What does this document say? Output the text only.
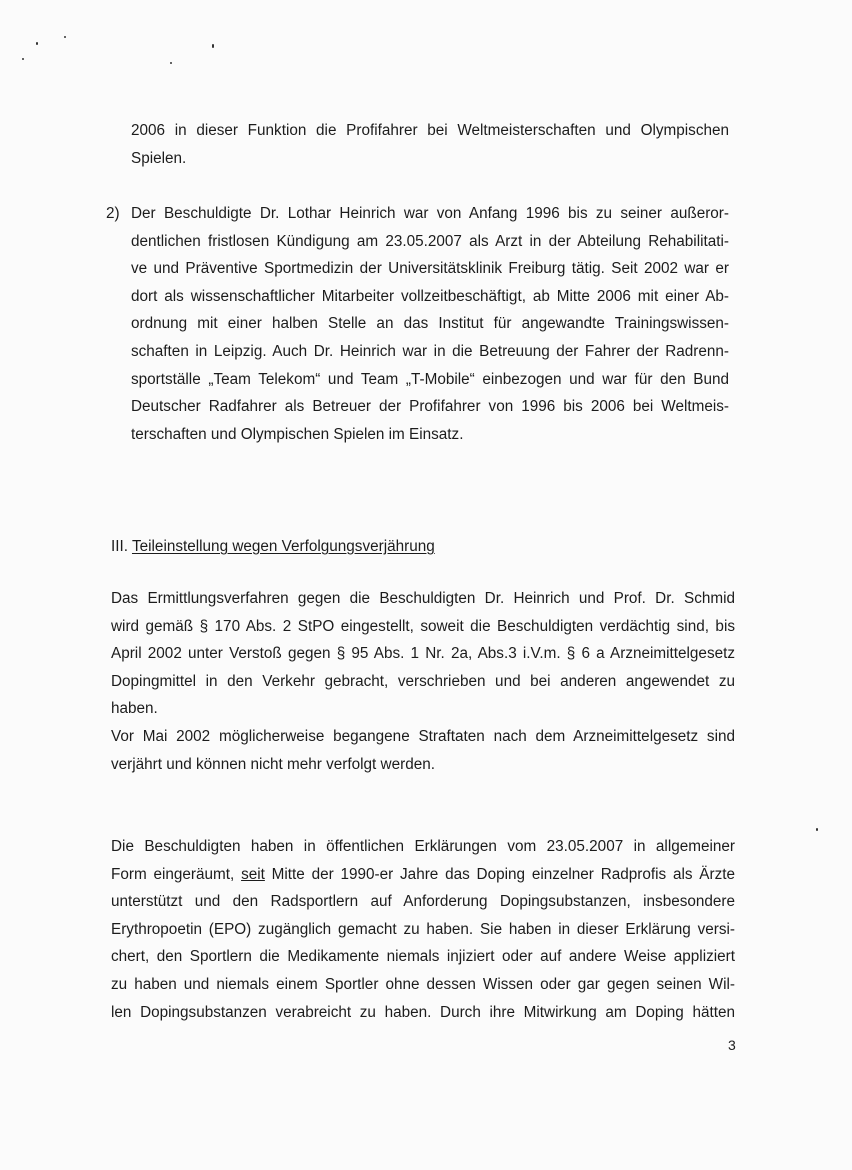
2006 in dieser Funktion die Profifahrer bei Weltmeisterschaften und Olympischen
Spielen.
2) Der Beschuldigte Dr. Lothar Heinrich war von Anfang 1996 bis zu seiner außeror-
dentlichen fristlosen Kündigung am 23.05.2007 als Arzt in der Abteilung Rehabilitati-
ve und Präventive Sportmedizin der Universitätsklinik Freiburg tätig. Seit 2002 war er
dort als wissenschaftlicher Mitarbeiter vollzeitbeschäftigt, ab Mitte 2006 mit einer Ab-
ordnung mit einer halben Stelle an das Institut für angewandte Trainingswissen-
schaften in Leipzig. Auch Dr. Heinrich war in die Betreuung der Fahrer der Radrenn-
sportställe „Team Telekom“ und Team „T-Mobile“ einbezogen und war für den Bund
Deutscher Radfahrer als Betreuer der Profifahrer von 1996 bis 2006 bei Weltmeis-
terschaften und Olympischen Spielen im Einsatz.
III. Teileinstellung wegen Verfolgungsverjährung
Das Ermittlungsverfahren gegen die Beschuldigten Dr. Heinrich und Prof. Dr. Schmid
wird gemäß § 170 Abs. 2 StPO eingestellt, soweit die Beschuldigten verdächtig sind, bis
April 2002 unter Verstoß gegen § 95 Abs. 1 Nr. 2a, Abs.3 i.V.m. § 6 a Arzneimittelgesetz
Dopingmittel in den Verkehr gebracht, verschrieben und bei anderen angewendet zu
haben.
Vor Mai 2002 möglicherweise begangene Straftaten nach dem Arzneimittelgesetz sind
verjährt und können nicht mehr verfolgt werden.
Die Beschuldigten haben in öffentlichen Erklärungen vom 23.05.2007 in allgemeiner
Form eingeräumt, seit Mitte der 1990-er Jahre das Doping einzelner Radprofis als Ärzte
unterstützt und den Radsportlern auf Anforderung Dopingsubstanzen, insbesondere
Erythropoetin (EPO) zugänglich gemacht zu haben. Sie haben in dieser Erklärung versi-
chert, den Sportlern die Medikamente niemals injiziert oder auf andere Weise appliziert
zu haben und niemals einem Sportler ohne dessen Wissen oder gar gegen seinen Wil-
len Dopingsubstanzen verabreicht zu haben. Durch ihre Mitwirkung am Doping hätten
3
